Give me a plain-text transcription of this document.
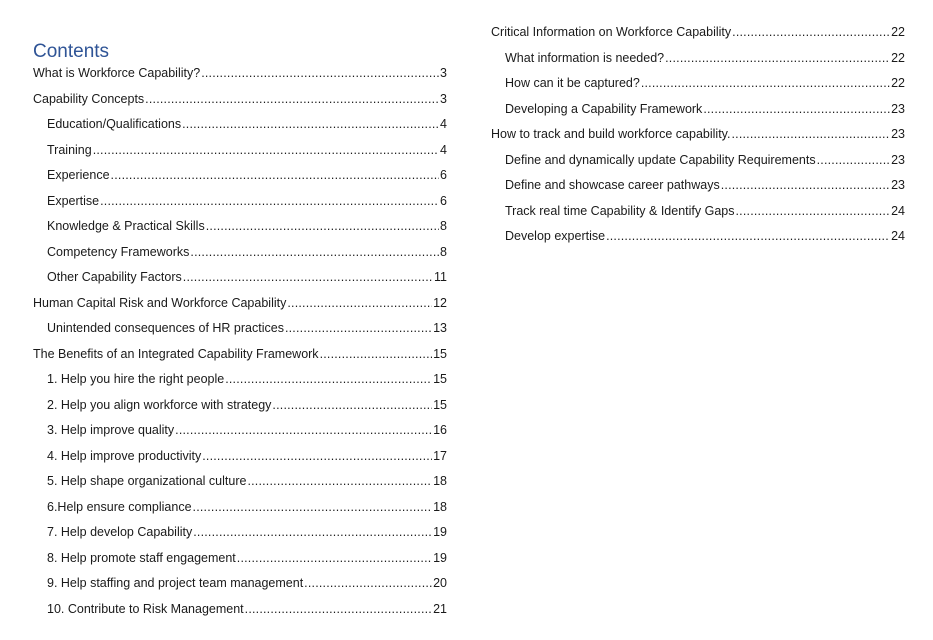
Contents
What is Workforce Capability? .....	3
Capability Concepts .....	3
Education/Qualifications .....	4
Training .....	4
Experience .....	6
Expertise .....	6
Knowledge & Practical Skills .....	8
Competency Frameworks .....	8
Other Capability Factors .....	11
Human Capital Risk and Workforce Capability .....	12
Unintended consequences of HR practices .....	13
The Benefits of an Integrated Capability Framework .....	15
1. Help you hire the right people .....	15
2. Help you align workforce with strategy .....	15
3. Help improve quality .....	16
4. Help improve productivity .....	17
5. Help shape organizational culture .....	18
6.Help ensure compliance .....	18
7. Help develop Capability .....	19
8. Help promote staff engagement .....	19
9. Help staffing and project team management .....	20
10. Contribute to Risk Management .....	21
Critical Information on Workforce Capability .....	22
What information is needed? .....	22
How can it be captured? .....	22
Developing a Capability Framework .....	23
How to track and build workforce capability. .....	23
Define and dynamically update Capability Requirements .....	23
Define and showcase career pathways .....	23
Track real time Capability & Identify Gaps .....	24
Develop expertise .....	24
